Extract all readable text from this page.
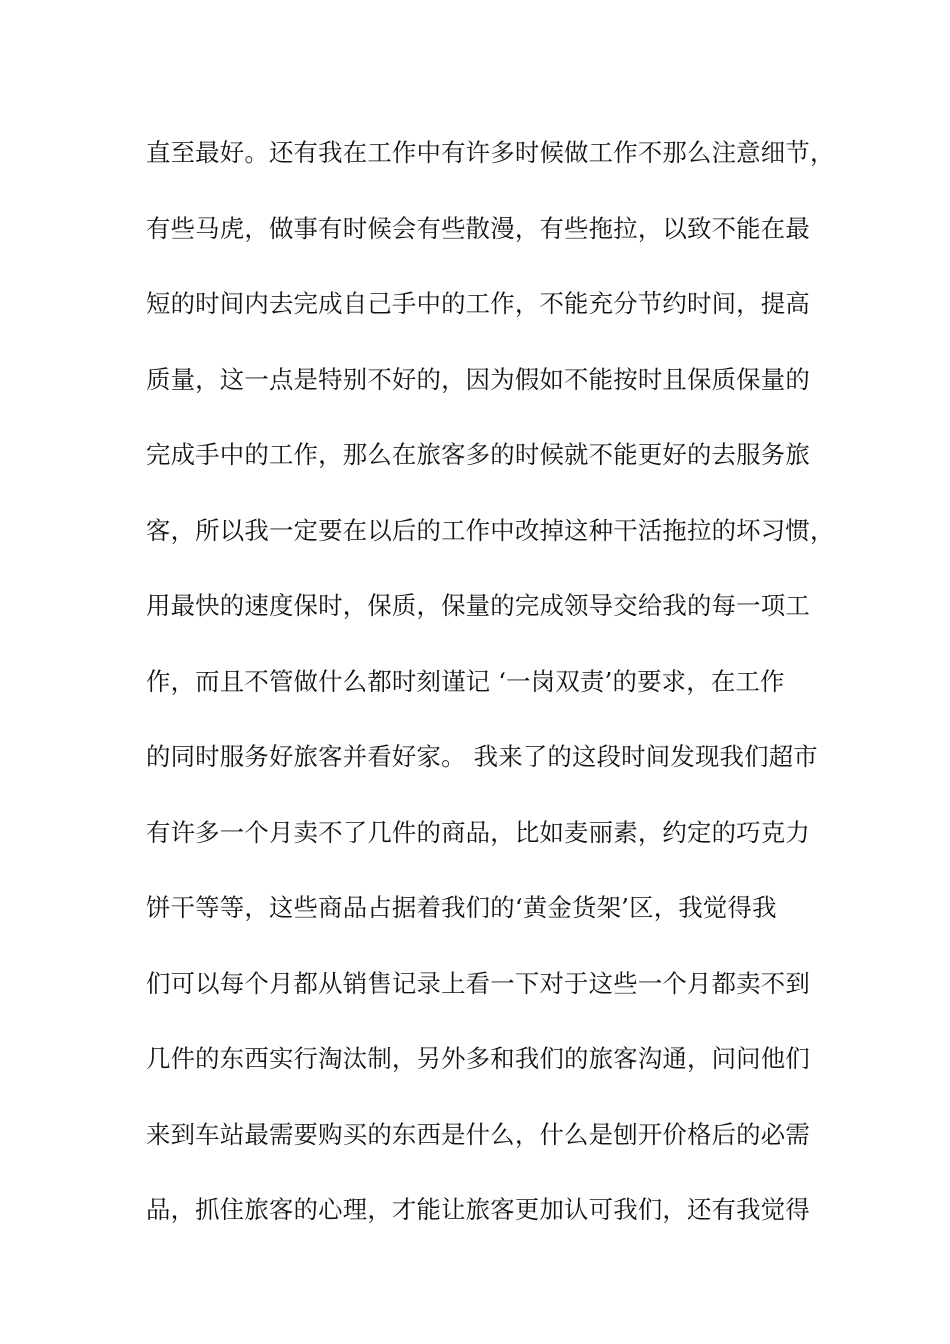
直至最好。还有我在工作中有许多时候做工作不那么注意细节，
有些马虎，做事有时候会有些散漫，有些拖拉，以致不能在最
短的时间内去完成自己手中的工作，不能充分节约时间，提高
质量，这一点是特别不好的，因为假如不能按时且保质保量的
完成手中的工作，那么在旅客多的时候就不能更好的去服务旅
客，所以我一定要在以后的工作中改掉这种干活拖拉的坏习惯，
用最快的速度保时，保质，保量的完成领导交给我的每一项工
作，而且不管做什么都时刻谨记 ‘一岗双责’的要求，在工作
的同时服务好旅客并看好家。 我来了的这段时间发现我们超市
有许多一个月卖不了几件的商品，比如麦丽素，约定的巧克力
饼干等等，这些商品占据着我们的‘黄金货架’区，我觉得我
们可以每个月都从销售记录上看一下对于这些一个月都卖不到
几件的东西实行淘汰制，另外多和我们的旅客沟通，问问他们
来到车站最需要购买的东西是什么，什么是刨开价格后的必需
品，抓住旅客的心理，才能让旅客更加认可我们，还有我觉得
